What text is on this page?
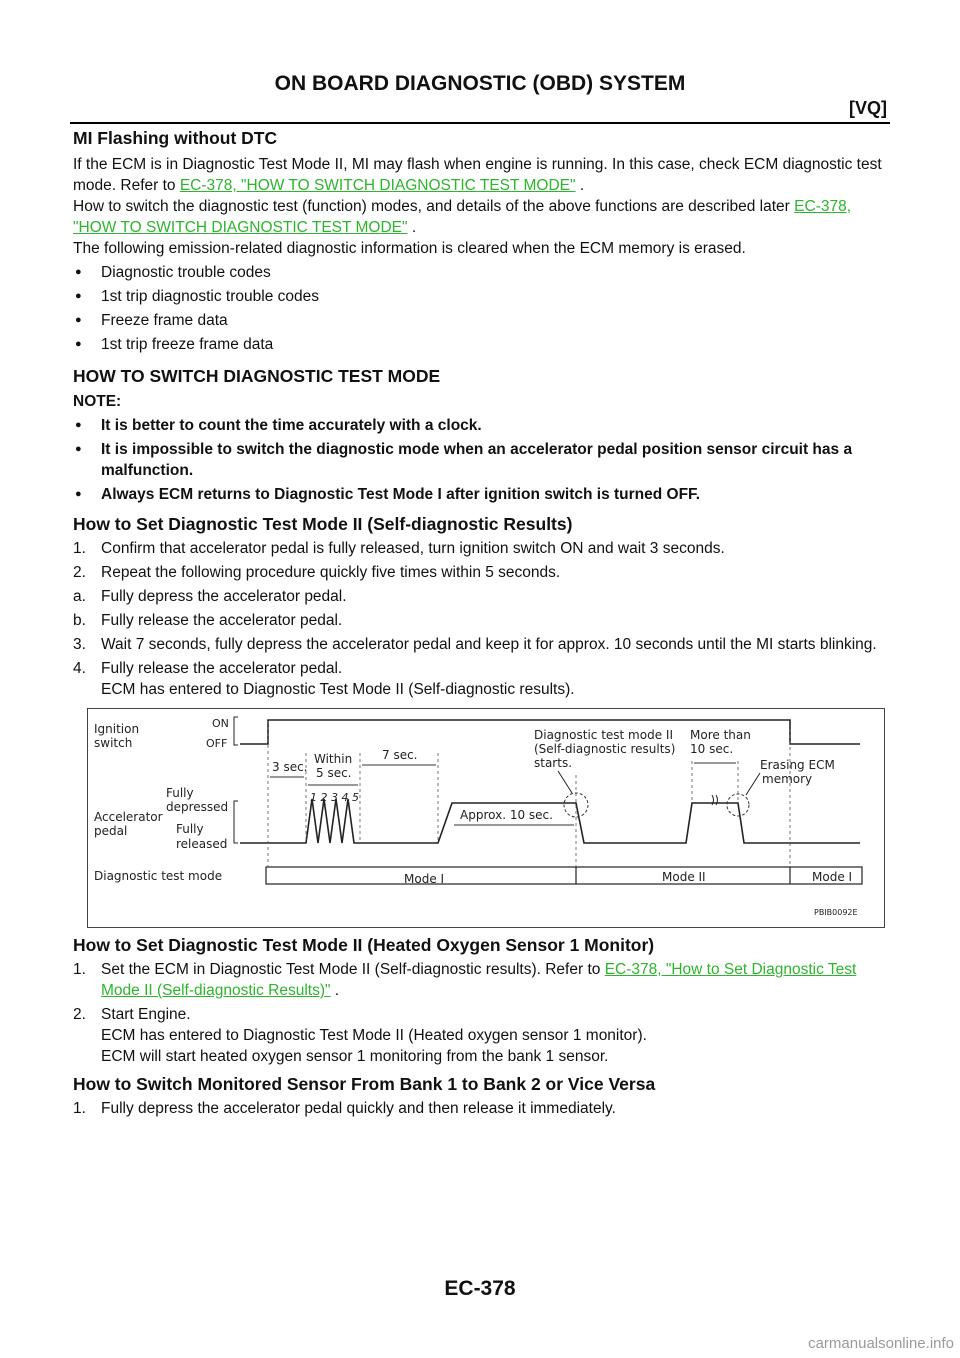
ON BOARD DIAGNOSTIC (OBD) SYSTEM
[VQ]
MI Flashing without DTC

If the ECM is in Diagnostic Test Mode II, MI may flash when engine is running. In this case, check ECM diagnostic test mode. Refer to EC-378, "HOW TO SWITCH DIAGNOSTIC TEST MODE" .

How to switch the diagnostic test (function) modes, and details of the above functions are described later EC-378, "HOW TO SWITCH DIAGNOSTIC TEST MODE" .

The following emission-related diagnostic information is cleared when the ECM memory is erased.

● Diagnostic trouble codes
● 1st trip diagnostic trouble codes
● Freeze frame data
● 1st trip freeze frame data
HOW TO SWITCH DIAGNOSTIC TEST MODE

NOTE:

● It is better to count the time accurately with a clock.
● It is impossible to switch the diagnostic mode when an accelerator pedal position sensor circuit has a malfunction.
● Always ECM returns to Diagnostic Test Mode I after ignition switch is turned OFF.
How to Set Diagnostic Test Mode II (Self-diagnostic Results)
1. Confirm that accelerator pedal is fully released, turn ignition switch ON and wait 3 seconds.
2. Repeat the following procedure quickly five times within 5 seconds.
a. Fully depress the accelerator pedal.
b. Fully release the accelerator pedal.
3. Wait 7 seconds, fully depress the accelerator pedal and keep it for approx. 10 seconds until the MI starts blinking.
4. Fully release the accelerator pedal.
ECM has entered to Diagnostic Test Mode II (Self-diagnostic results).
Ignition
switch
ON
OFF
Accelerator
pedal
Fully
depressed
Fully
released
3 sec.
Within
5 sec.
7 sec.
1 2 3 4 5
Approx. 10 sec.
Diagnostic test mode II
(Self-diagnostic results)
starts.
More than
10 sec.
Erasing ECM
memory
Diagnostic test mode	Mode I	Mode II	Mode I
PBIB0092E
How to Set Diagnostic Test Mode II (Heated Oxygen Sensor 1 Monitor)
1. Set the ECM in Diagnostic Test Mode II (Self-diagnostic results). Refer to EC-378, "How to Set Diagnostic Test Mode II (Self-diagnostic Results)" .
2. Start Engine.
ECM has entered to Diagnostic Test Mode II (Heated oxygen sensor 1 monitor).
ECM will start heated oxygen sensor 1 monitoring from the bank 1 sensor.
How to Switch Monitored Sensor From Bank 1 to Bank 2 or Vice Versa
1. Fully depress the accelerator pedal quickly and then release it immediately.
EC-378
carmanualsonline.info
